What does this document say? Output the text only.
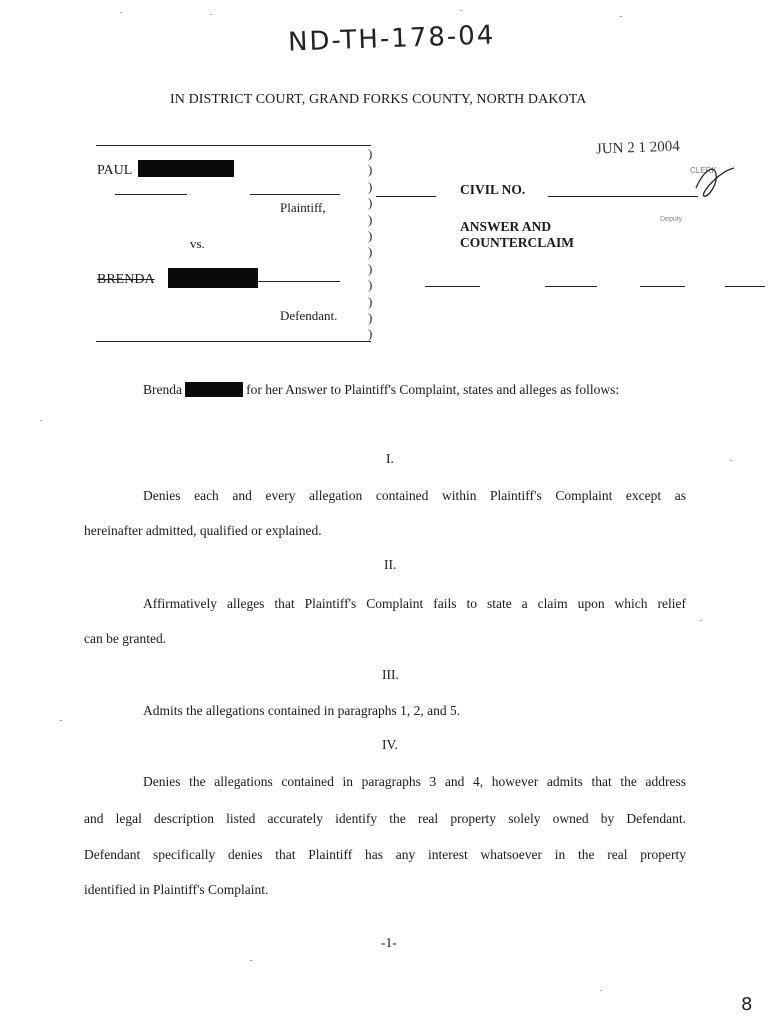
ND-TH-178-04
IN DISTRICT COURT, GRAND FORKS COUNTY, NORTH DAKOTA
JUN 2 1 2004
CLERK
Deputy
)
)
)
)
)
)
)
)
)
)
)
)
PAUL
Plaintiff,
vs.
BRENDA
Defendant.
CIVIL NO.
ANSWER AND
COUNTERCLAIM
Brenda	, for her Answer to Plaintiff's Complaint, states and alleges as follows:
I.
Denies each and every allegation contained within Plaintiff's Complaint except as
hereinafter admitted, qualified or explained.
II.
Affirmatively alleges that Plaintiff's Complaint fails to state a claim upon which relief
can be granted.
III.
Admits the allegations contained in paragraphs 1, 2, and 5.
IV.
Denies the allegations contained in paragraphs 3 and 4, however admits that the address
and legal description listed accurately identify the real property solely owned by Defendant.
Defendant specifically denies that Plaintiff has any interest whatsoever in the real property
identified in Plaintiff's Complaint.
-1-
8
